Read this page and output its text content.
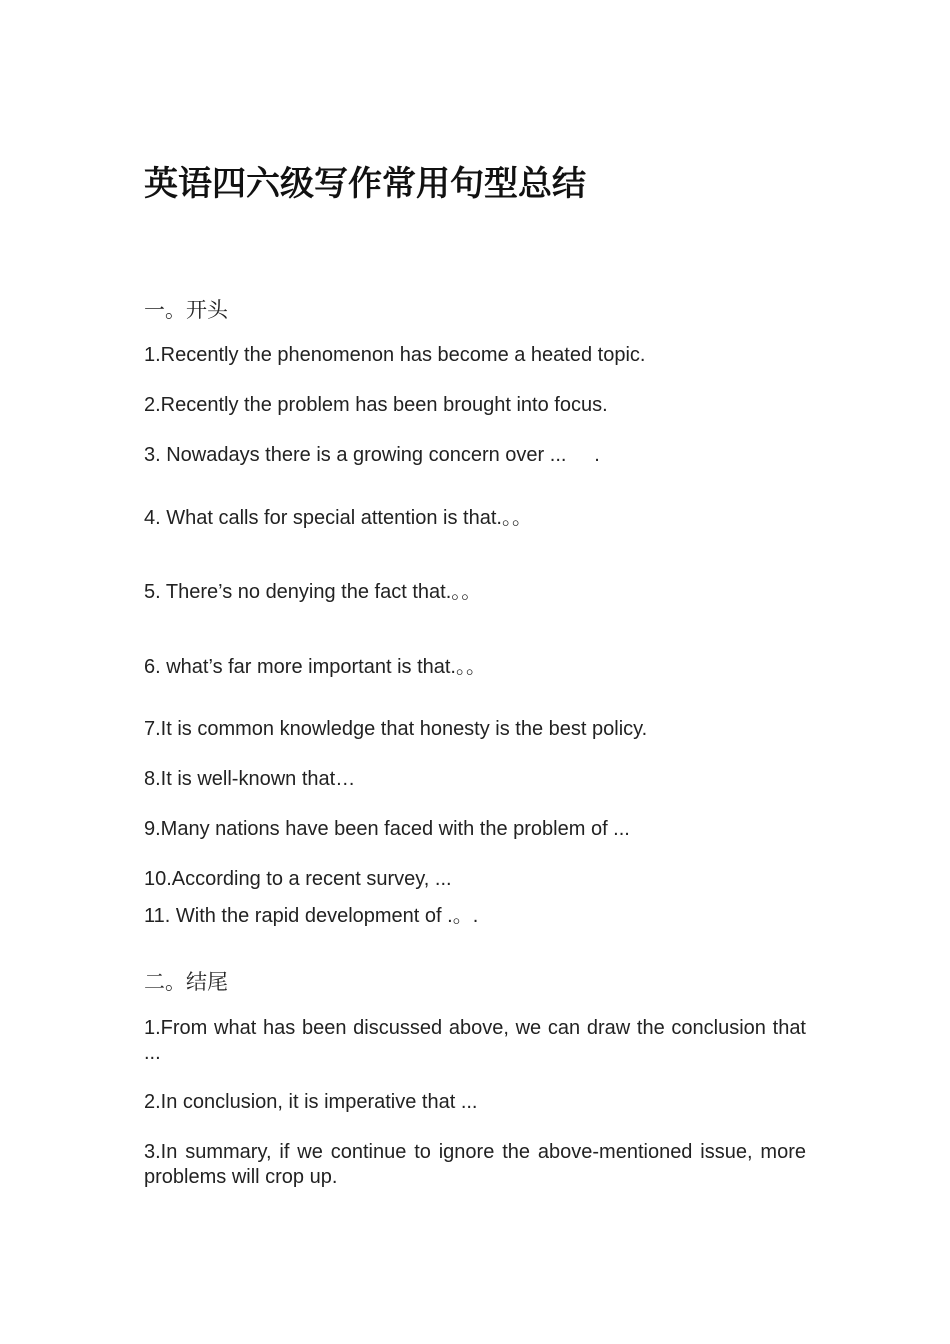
英语四六级写作常用句型总结
一。开头
1.Recently the phenomenon has become a heated topic.
2.Recently the problem has been brought into focus.
3. Nowadays there is a growing concern over ...     .
4. What calls for special attention is that.。。
5. There’s no denying the fact that.。。
6. what’s far more important is that.。。
7.It is common knowledge that honesty is the best policy.
8.It is well-known that…
9.Many nations have been faced with the problem of ...
10.According to a recent survey, ...
11. With the rapid development of .。.
二。结尾
1.From what has been discussed above, we can draw the conclusion that ...
2.In conclusion, it is imperative that ...
3.In summary, if we continue to ignore the above-mentioned issue, more problems will crop up.
